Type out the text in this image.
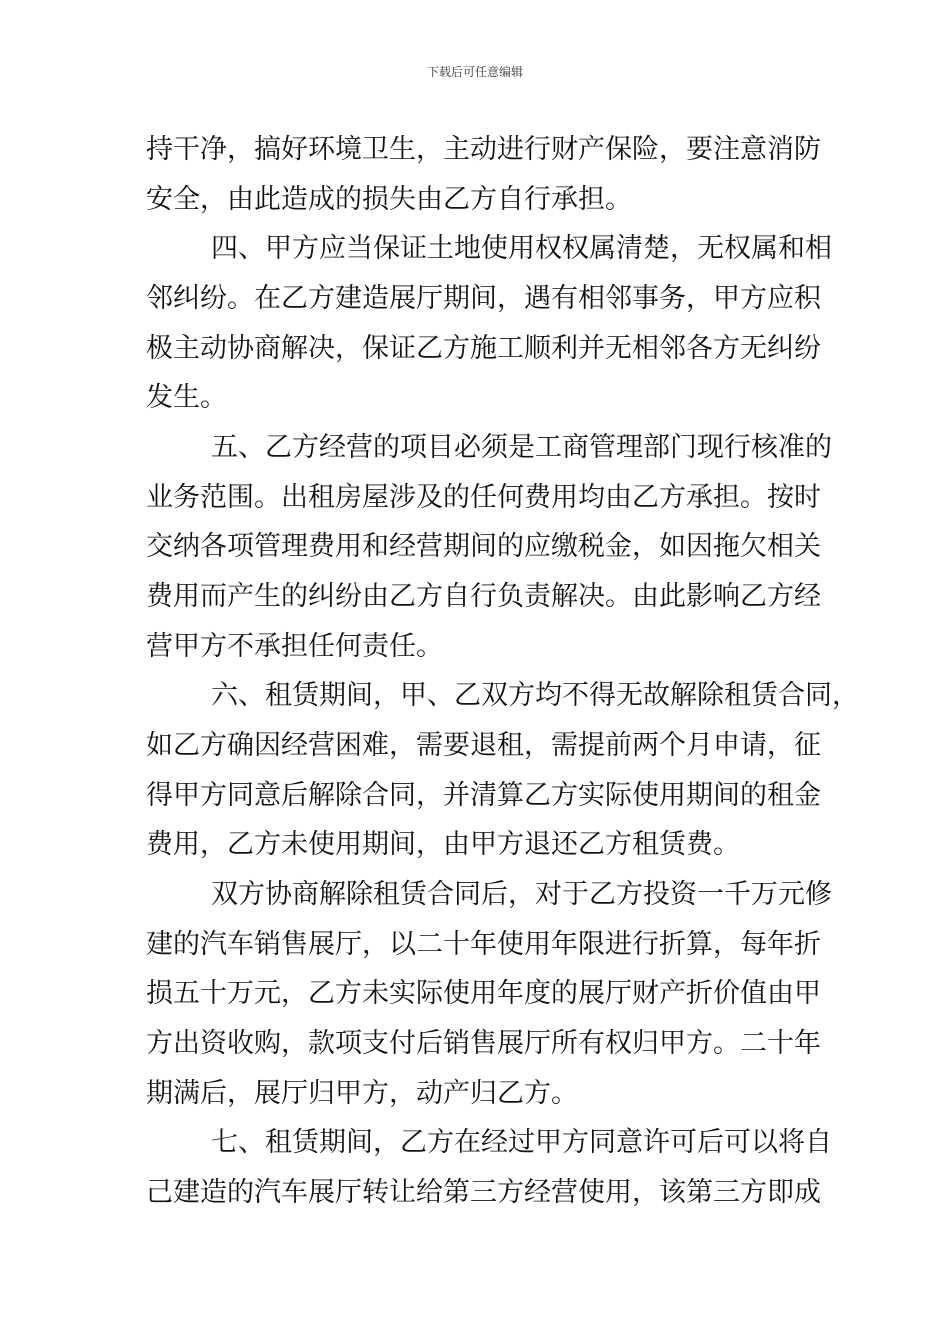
下载后可任意编辑
持干净，搞好环境卫生，主动进行财产保险，要注意消防
安全，由此造成的损失由乙方自行承担。
四、甲方应当保证土地使用权权属清楚，无权属和相
邻纠纷。在乙方建造展厅期间，遇有相邻事务，甲方应积
极主动协商解决，保证乙方施工顺利并无相邻各方无纠纷
发生。
五、乙方经营的项目必须是工商管理部门现行核准的
业务范围。出租房屋涉及的任何费用均由乙方承担。按时
交纳各项管理费用和经营期间的应缴税金，如因拖欠相关
费用而产生的纠纷由乙方自行负责解决。由此影响乙方经
营甲方不承担任何责任。
六、租赁期间，甲、乙双方均不得无故解除租赁合同，
如乙方确因经营困难，需要退租，需提前两个月申请，征
得甲方同意后解除合同，并清算乙方实际使用期间的租金
费用，乙方未使用期间，由甲方退还乙方租赁费。
双方协商解除租赁合同后，对于乙方投资一千万元修
建的汽车销售展厅，以二十年使用年限进行折算，每年折
损五十万元，乙方未实际使用年度的展厅财产折价值由甲
方出资收购，款项支付后销售展厅所有权归甲方。二十年
期满后，展厅归甲方，动产归乙方。
七、租赁期间，乙方在经过甲方同意许可后可以将自
己建造的汽车展厅转让给第三方经营使用，该第三方即成
